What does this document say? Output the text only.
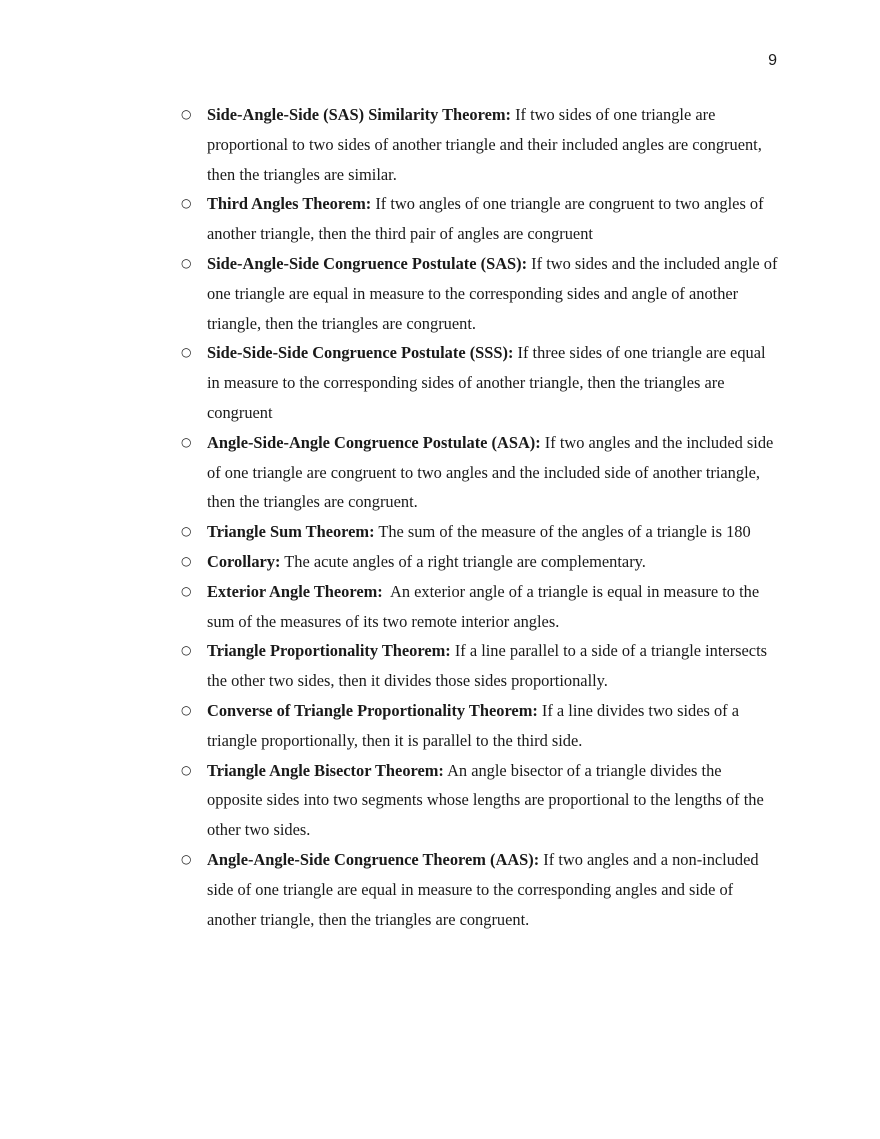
9
○ Side-Angle-Side (SAS) Similarity Theorem: If two sides of one triangle are proportional to two sides of another triangle and their included angles are congruent, then the triangles are similar.
○ Third Angles Theorem: If two angles of one triangle are congruent to two angles of another triangle, then the third pair of angles are congruent
○ Side-Angle-Side Congruence Postulate (SAS): If two sides and the included angle of one triangle are equal in measure to the corresponding sides and angle of another triangle, then the triangles are congruent.
○ Side-Side-Side Congruence Postulate (SSS): If three sides of one triangle are equal in measure to the corresponding sides of another triangle, then the triangles are congruent
○ Angle-Side-Angle Congruence Postulate (ASA): If two angles and the included side of one triangle are congruent to two angles and the included side of another triangle, then the triangles are congruent.
○ Triangle Sum Theorem: The sum of the measure of the angles of a triangle is 180
○ Corollary: The acute angles of a right triangle are complementary.
○ Exterior Angle Theorem:  An exterior angle of a triangle is equal in measure to the sum of the measures of its two remote interior angles.
○ Triangle Proportionality Theorem: If a line parallel to a side of a triangle intersects the other two sides, then it divides those sides proportionally.
○ Converse of Triangle Proportionality Theorem: If a line divides two sides of a triangle proportionally, then it is parallel to the third side.
○ Triangle Angle Bisector Theorem: An angle bisector of a triangle divides the opposite sides into two segments whose lengths are proportional to the lengths of the other two sides.
○ Angle-Angle-Side Congruence Theorem (AAS): If two angles and a non-included side of one triangle are equal in measure to the corresponding angles and side of another triangle, then the triangles are congruent.
